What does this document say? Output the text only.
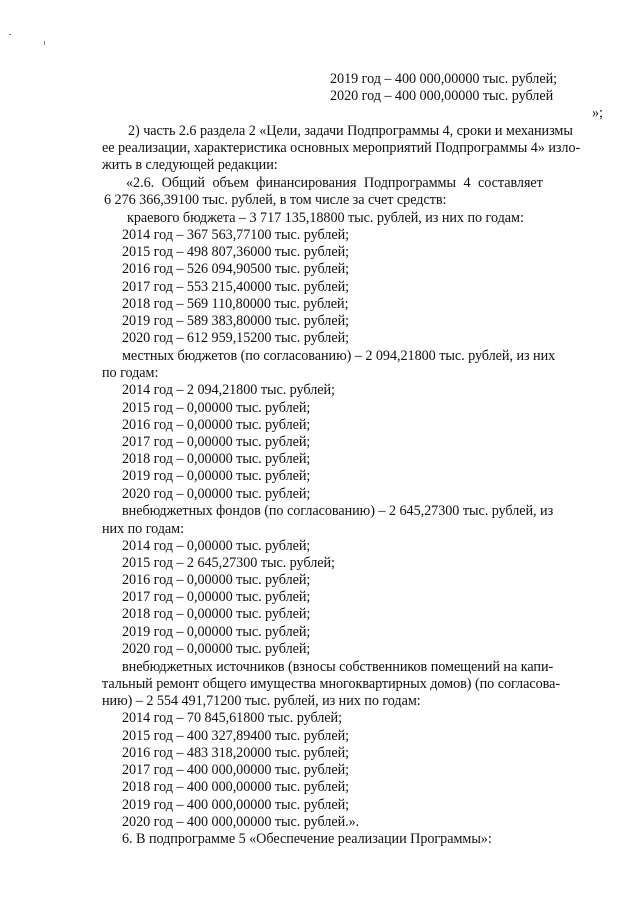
2019 год – 400 000,00000 тыс. рублей;
2020 год – 400 000,00000 тыс. рублей
»;
2) часть 2.6 раздела 2 «Цели, задачи Подпрограммы 4, сроки и механизмы
ее реализации, характеристика основных мероприятий Подпрограммы 4» изло-
жить в следующей редакции:
«2.6. Общий объем финансирования Подпрограммы 4 составляет
6 276 366,39100 тыс. рублей, в том числе за счет средств:
краевого бюджета – 3 717 135,18800 тыс. рублей, из них по годам:
2014 год – 367 563,77100 тыс. рублей;
2015 год – 498 807,36000 тыс. рублей;
2016 год – 526 094,90500 тыс. рублей;
2017 год – 553 215,40000 тыс. рублей;
2018 год – 569 110,80000 тыс. рублей;
2019 год – 589 383,80000 тыс. рублей;
2020 год – 612 959,15200 тыс. рублей;
местных бюджетов (по согласованию) – 2 094,21800 тыс. рублей, из них
по годам:
2014 год – 2 094,21800 тыс. рублей;
2015 год – 0,00000 тыс. рублей;
2016 год – 0,00000 тыс. рублей;
2017 год – 0,00000 тыс. рублей;
2018 год – 0,00000 тыс. рублей;
2019 год – 0,00000 тыс. рублей;
2020 год – 0,00000 тыс. рублей;
внебюджетных фондов (по согласованию) – 2 645,27300 тыс. рублей, из
них по годам:
2014 год – 0,00000 тыс. рублей;
2015 год – 2 645,27300 тыс. рублей;
2016 год – 0,00000 тыс. рублей;
2017 год – 0,00000 тыс. рублей;
2018 год – 0,00000 тыс. рублей;
2019 год – 0,00000 тыс. рублей;
2020 год – 0,00000 тыс. рублей;
внебюджетных источников (взносы собственников помещений на капи-
тальный ремонт общего имущества многоквартирных домов) (по согласова-
нию) – 2 554 491,71200 тыс. рублей, из них по годам:
2014 год – 70 845,61800 тыс. рублей;
2015 год – 400 327,89400 тыс. рублей;
2016 год – 483 318,20000 тыс. рублей;
2017 год – 400 000,00000 тыс. рублей;
2018 год – 400 000,00000 тыс. рублей;
2019 год – 400 000,00000 тыс. рублей;
2020 год – 400 000,00000 тыс. рублей.».
6. В подпрограмме 5 «Обеспечение реализации Программы»:
